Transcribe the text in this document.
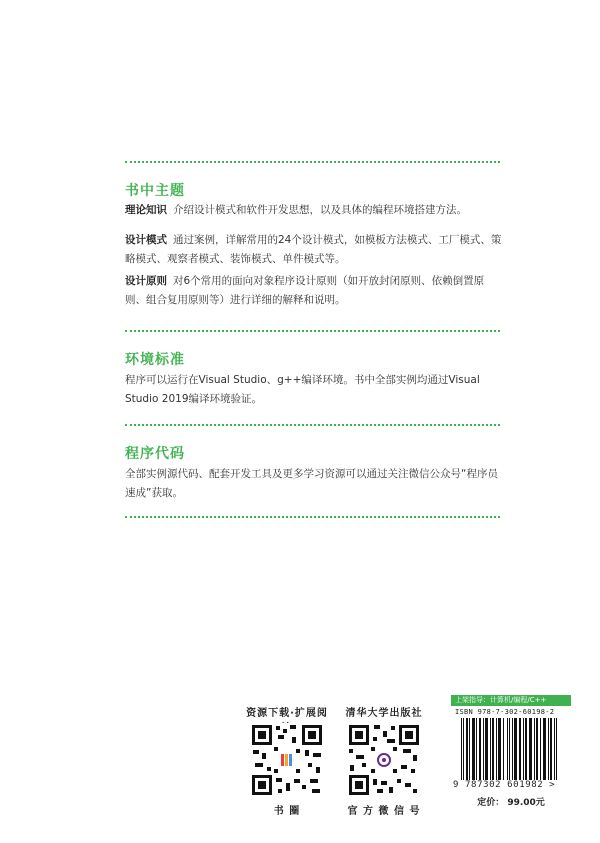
书中主题
理论知识 介绍设计模式和软件开发思想，以及具体的编程环境搭建方法。
设计模式 通过案例，详解常用的24个设计模式，如模板方法模式、工厂模式、策略模式、观察者模式、装饰模式、单件模式等。
设计原则 对6个常用的面向对象程序设计原则（如开放封闭原则、依赖倒置原则、组合复用原则等）进行详细的解释和说明。
环境标准
程序可以运行在Visual Studio、g++编译环境。书中全部实例均通过Visual Studio 2019编译环境验证。
程序代码
全部实例源代码、配套开发工具及更多学习资源可以通过关注微信公众号“程序员速成”获取。
资源下载·扩展阅
书 圈
清华大学出版社
官 方 微 信 号
上架指导：计算机/编程/C++
ISBN 978-7-302-60198-2
9 787302 601982 >
定价： 99.00元
